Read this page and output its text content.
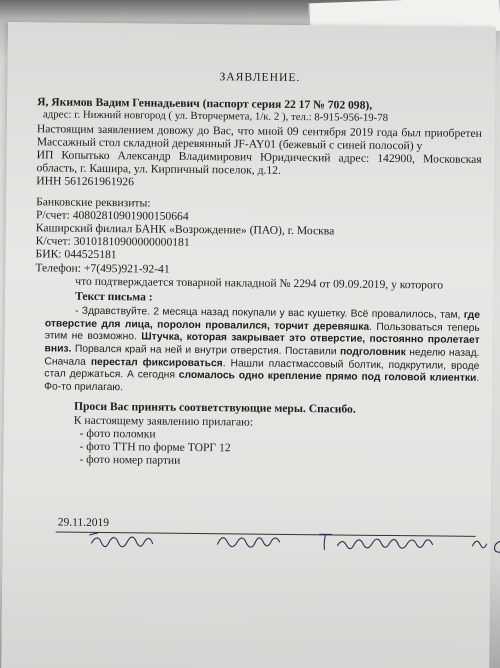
ЗАЯВЛЕНИЕ.
Я, Якимов Вадим Геннадьевич (паспорт серия 22 17 № 702 098),
адрес: г. Нижний новгород ( ул. Вторчермета, 1/к. 2 ), тел.: 8-915-956-19-78
Настоящим заявлением довожу до Вас, что мной 09 сентября 2019 года был приобретен Массажный стол складной деревянный JF-AY01 (бежевый с синей полосой) у
ИП Копытько Александр Владимирович Юридический адрес: 142900, Московская область, г. Кашира, ул. Кирпичный поселок, д.12.
ИНН 561261961926
Банковские реквизиты:
Р/счет: 40802810901900150664
Каширский филиал БАНК «Возрождение» (ПАО), г. Москва
К/счет: 30101810900000000181
БИК: 044525181
Телефон: +7(495)921-92-41
что подтверждается товарной накладной № 2294 от 09.09.2019, у которого
Текст письма :
- Здравствуйте. 2 месяца назад покупали у вас кушетку. Всё провалилось, там, где отверстие для лица, поролон провалился, торчит деревяшка. Пользоваться теперь этим не возможно. Штучка, которая закрывает это отверстие, постоянно пролетает вниз. Порвался край на ней и внутри отверстия. Поставили подголовник неделю назад. Сначала перестал фиксироваться. Нашли пластмассовый болтик, подкрутили, вроде стал держаться. А сегодня сломалось одно крепление прямо под головой клиентки. Фо-то прилагаю.
Проси Вас принять соответствующие меры. Спасибо.
К настоящему заявлению прилагаю:
- фото поломки
- фото ТТН по форме ТОРГ 12
- фото номер партии
29.11.2019
